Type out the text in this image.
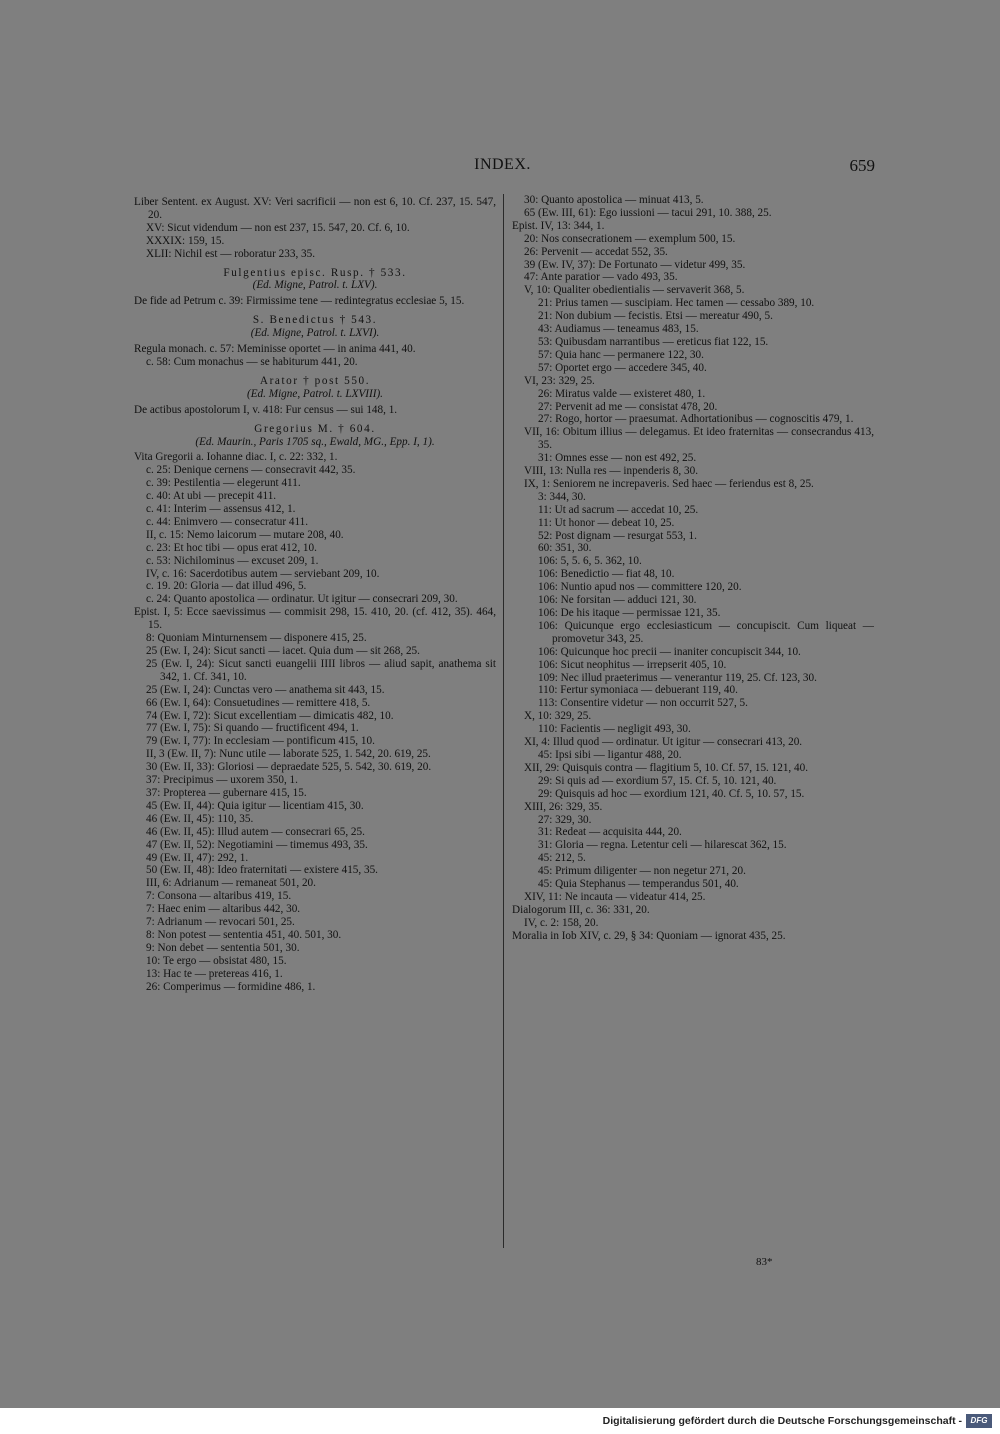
INDEX.	659

Liber Sentent. ex August. XV: Veri sacrificii — non est 6, 10. Cf. 237, 15. 547, 20.

XV: Sicut videndum — non est 237, 15. 547, 20. Cf. 6, 10.

XXXIX: 159, 15.

XLII: Nichil est — roboratur 233, 35.

Fulgentius episc. Rusp. † 533.

(Ed. Migne, Patrol. t. LXV).

De fide ad Petrum c. 39: Firmissime tene — redintegratus ecclesiae 5, 15.

S. Benedictus † 543.

(Ed. Migne, Patrol. t. LXVI).

Regula monach. c. 57: Meminisse oportet — in anima 441, 40.

c. 58: Cum monachus — se habiturum 441, 20.

Arator † post 550.

(Ed. Migne, Patrol. t. LXVIII).

De actibus apostolorum I, v. 418: Fur census — sui 148, 1.

Gregorius M. † 604.

(Ed. Maurin., Paris 1705 sq., Ewald, MG., Epp. I, 1).

Vita Gregorii a. Iohanne diac. I, c. 22: 332, 1.

c. 25: Denique cernens — consecravit 442, 35.

c. 39: Pestilentia — elegerunt 411.

c. 40: At ubi — precepit 411.

c. 41: Interim — assensus 412, 1.

c. 44: Enimvero — consecratur 411.

II, c. 15: Nemo laicorum — mutare 208, 40.

c. 23: Et hoc tibi — opus erat 412, 10.

c. 53: Nichilominus — excuset 209, 1.

IV, c. 16: Sacerdotibus autem — serviebant 209, 10.

c. 19. 20: Gloria — dat illud 496, 5.

c. 24: Quanto apostolica — ordinatur. Ut igitur — consecrari 209, 30.

Epist. I, 5: Ecce saevissimus — commisit 298, 15. 410, 20. (cf. 412, 35). 464, 15.

8: Quoniam Minturnensem — disponere 415, 25.

25 (Ew. I, 24): Sicut sancti — iacet. Quia dum — sit 268, 25.

25 (Ew. I, 24): Sicut sancti euangelii IIII libros — aliud sapit, anathema sit 342, 1. Cf. 341, 10.

25 (Ew. I, 24): Cunctas vero — anathema sit 443, 15.

66 (Ew. I, 64): Consuetudines — remittere 418, 5.

74 (Ew. I, 72): Sicut excellentiam — dimicatis 482, 10.

77 (Ew. I, 75): Si quando — fructificent 494, 1.

79 (Ew. I, 77): In ecclesiam — pontificum 415, 10.

II, 3 (Ew. II, 7): Nunc utile — laborate 525, 1. 542, 20. 619, 25.

30 (Ew. II, 33): Gloriosi — depraedate 525, 5. 542, 30. 619, 20.

37: Precipimus — uxorem 350, 1.

37: Propterea — gubernare 415, 15.

45 (Ew. II, 44): Quia igitur — licentiam 415, 30.

46 (Ew. II, 45): 110, 35.

46 (Ew. II, 45): Illud autem — consecrari 65, 25.

47 (Ew. II, 52): Negotiamini — timemus 493, 35.

49 (Ew. II, 47): 292, 1.

50 (Ew. II, 48): Ideo fraternitati — existere 415, 35.

III, 6: Adrianum — remaneat 501, 20.

7: Consona — altaribus 419, 15.

7: Haec enim — altaribus 442, 30.

7: Adrianum — revocari 501, 25.

8: Non potest — sententia 451, 40. 501, 30.

9: Non debet — sententia 501, 30.

10: Te ergo — obsistat 480, 15.

13: Hac te — pretereas 416, 1.

26: Comperimus — formidine 486, 1.

30: Quanto apostolica — minuat 413, 5.

65 (Ew. III, 61): Ego iussioni — tacui 291, 10. 388, 25.

Epist. IV, 13: 344, 1.

20: Nos consecrationem — exemplum 500, 15.

26: Pervenit — accedat 552, 35.

39 (Ew. IV, 37): De Fortunato — videtur 499, 35.

47: Ante paratior — vado 493, 35.

V, 10: Qualiter obedientialis — servaverit 368, 5.

21: Prius tamen — suscipiam. Hec tamen — cessabo 389, 10.

21: Non dubium — fecistis. Etsi — mereatur 490, 5.

43: Audiamus — teneamus 483, 15.

53: Quibusdam narrantibus — ereticus fiat 122, 15.

57: Quia hanc — permanere 122, 30.

57: Oportet ergo — accedere 345, 40.

VI, 23: 329, 25.

26: Miratus valde — existeret 480, 1.

27: Pervenit ad me — consistat 478, 20.

27: Rogo, hortor — praesumat. Adhortationibus — cognoscitis 479, 1.

VII, 16: Obitum illius — delegamus. Et ideo fraternitas — consecrandus 413, 35.

31: Omnes esse — non est 492, 25.

VIII, 13: Nulla res — inpenderis 8, 30.

IX, 1: Seniorem ne increpaveris. Sed haec — feriendus est 8, 25.

3: 344, 30.

11: Ut ad sacrum — accedat 10, 25.

11: Ut honor — debeat 10, 25.

52: Post dignam — resurgat 553, 1.

60: 351, 30.

106: 5, 5. 6, 5. 362, 10.

106: Benedictio — fiat 48, 10.

106: Nuntio apud nos — committere 120, 20.

106: Ne forsitan — adduci 121, 30.

106: De his itaque — permissae 121, 35.

106: Quicunque ergo ecclesiasticum — concupiscit. Cum liqueat — promovetur 343, 25.

106: Quicunque hoc precii — inaniter concupiscit 344, 10.

106: Sicut neophitus — irrepserit 405, 10.

109: Nec illud praeterimus — venerantur 119, 25. Cf. 123, 30.

110: Fertur symoniaca — debuerant 119, 40.

113: Consentire videtur — non occurrit 527, 5.

X, 10: 329, 25.

110: Facientis — negligit 493, 30.

XI, 4: Illud quod — ordinatur. Ut igitur — consecrari 413, 20.

45: Ipsi sibi — ligantur 488, 20.

XII, 29: Quisquis contra — flagitium 5, 10. Cf. 57, 15. 121, 40.

29: Si quis ad — exordium 57, 15. Cf. 5, 10. 121, 40.

29: Quisquis ad hoc — exordium 121, 40. Cf. 5, 10. 57, 15.

XIII, 26: 329, 35.

27: 329, 30.

31: Redeat — acquisita 444, 20.

31: Gloria — regna. Letentur celi — hilarescat 362, 15.

45: 212, 5.

45: Primum diligenter — non negetur 271, 20.

45: Quia Stephanus — temperandus 501, 40.

XIV, 11: Ne incauta — videatur 414, 25.

Dialogorum III, c. 36: 331, 20.

IV, c. 2: 158, 20.

Moralia in Iob XIV, c. 29, § 34: Quoniam — ignorat 435, 25.

83*
Digitalisierung gefördert durch die Deutsche Forschungsgemeinschaft -	DFG
